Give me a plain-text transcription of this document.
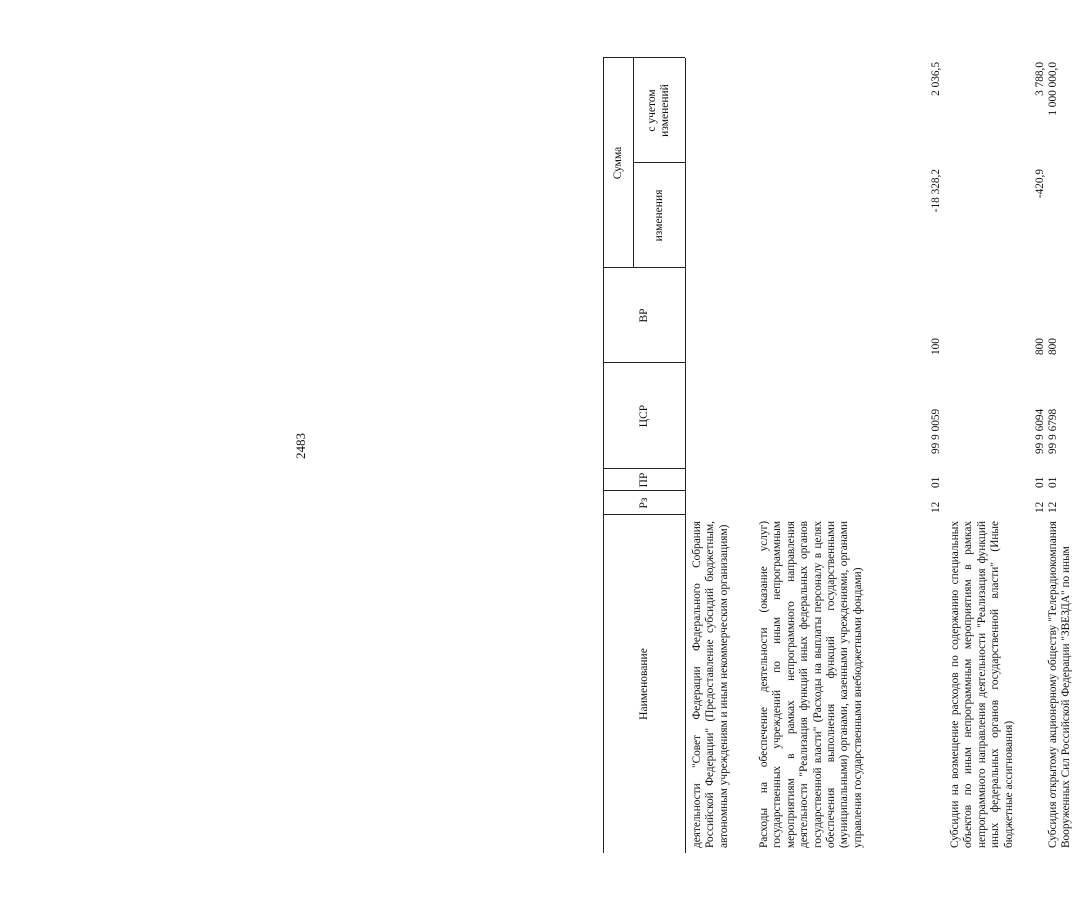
2483
Наименование
Рз
ПР
ЦСР
ВР
Сумма
изменения
с учетом изменений
деятельности "Совет Федерации Федерального Собрания Российской Федерации" (Предоставление субсидий бюджетным, автономным учреждениям и иным некоммерческим организациям) Расходы на обеспечение деятельности (оказание услуг) государственных учреждений по иным непрограммным мероприятиям в рамках непрограммного направления деятельности "Реализация функций иных федеральных органов государственной власти" (Расходы на выплаты персоналу в целях обеспечения выполнения функций государственными (муниципальными) органами, казенными учреждениями, органами управления государственными внебюджетными фондами)
12
01
99 9 0059
100
-18 328,2
2 036,5
Субсидии на возмещение расходов по содержанию специальных объектов по иным непрограммным мероприятиям в рамках непрограммного направления деятельности "Реализация функций иных федеральных органов государственной власти" (Иные бюджетные ассигнования)
12
01
99 9 6094
800
-420,9
3 788,0
Субсидия открытому акционерному обществу "Телерадиокомпания Вооруженных Сил Российской Федерации "ЗВЕЗДА" по иным
12
01
99 9 6798
800
1 000 000,0
